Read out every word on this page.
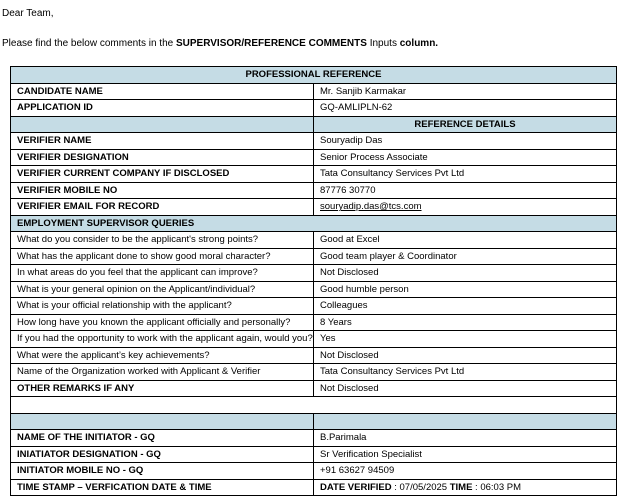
Dear Team,
Please find the below comments in the SUPERVISOR/REFERENCE COMMENTS Inputs column.
PROFESSIONAL REFERENCE	
CANDIDATE NAME	Mr. Sanjib Karmakar
APPLICATION ID	GQ-AMLIPLN-62
	REFERENCE DETAILS
VERIFIER NAME	Souryadip Das
VERIFIER DESIGNATION	Senior Process Associate
VERIFIER CURRENT COMPANY IF DISCLOSED	Tata Consultancy Services Pvt Ltd
VERIFIER MOBILE NO	87776 30770
VERIFIER EMAIL FOR RECORD	souryadip.das@tcs.com
EMPLOYMENT SUPERVISOR QUERIES	
What do you consider to be the applicant's strong points?	Good at Excel
What has the applicant done to show good moral character?	Good team player & Coordinator
In what areas do you feel that the applicant can improve?	Not Disclosed
What is your general opinion on the Applicant/individual?	Good humble person
What is your official relationship with the applicant?	Colleagues
How long have you known the applicant officially and personally?	8 Years
If you had the opportunity to work with the applicant again, would you?	Yes
What were the applicant’s key achievements?	Not Disclosed
Name of the Organization worked with Applicant & Verifier	Tata Consultancy Services Pvt Ltd
OTHER REMARKS IF ANY	Not Disclosed

NAME OF THE INITIATOR - GQ	B.Parimala
INIATIATOR DESIGNATION - GQ	Sr Verification Specialist
INITIATOR MOBILE NO - GQ	+91 63627 94509
TIME STAMP – VERFICATION DATE & TIME	DATE VERIFIED : 07/05/2025 TIME : 06:03 PM
